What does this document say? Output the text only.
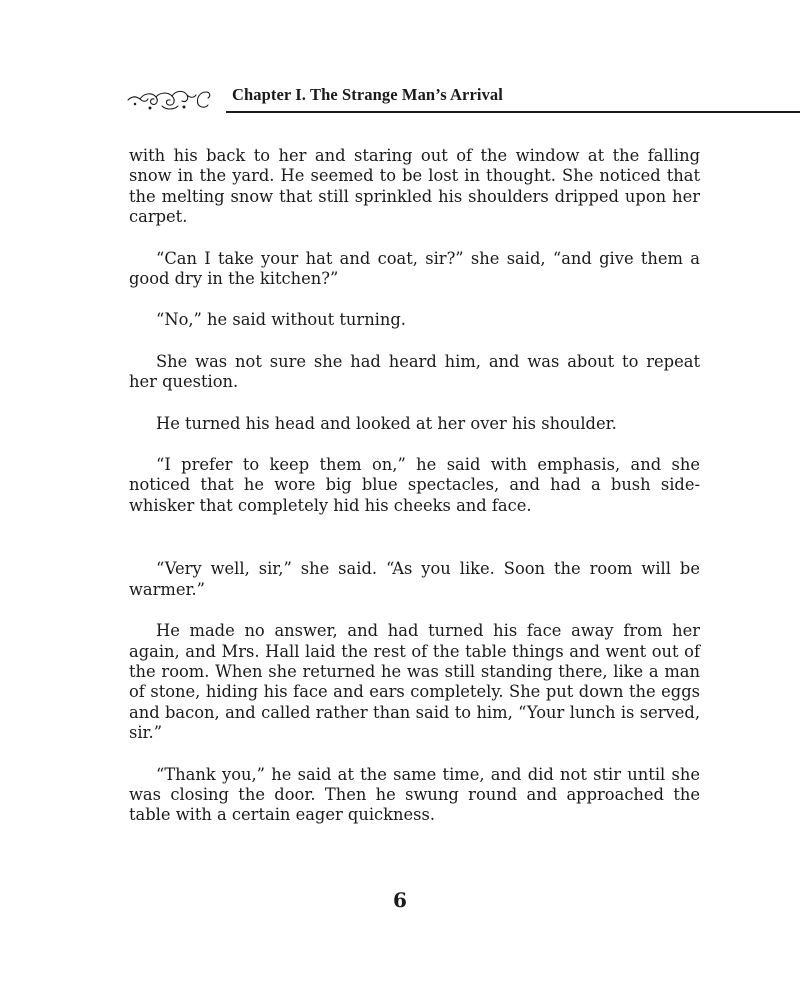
Chapter I. The Strange Man’s Arrival

with his back to her and staring out of the window at the falling snow in the yard. He seemed to be lost in thought. She noticed that the melting snow that still sprinkled his shoulders dripped upon her carpet.

“Can I take your hat and coat, sir?” she said, “and give them a good dry in the kitchen?”

“No,” he said without turning.

She was not sure she had heard him, and was about to repeat her question.

He turned his head and looked at her over his shoulder.

“I prefer to keep them on,” he said with emphasis, and she noticed that he wore big blue spectacles, and had a bush side-whisker that completely hid his cheeks and face.

“Very well, sir,” she said. “As you like. Soon the room will be warmer.”

He made no answer, and had turned his face away from her again, and Mrs. Hall laid the rest of the table things and went out of the room. When she returned he was still standing there, like a man of stone, hiding his face and ears completely. She put down the eggs and bacon, and called rather than said to him, “Your lunch is served, sir.”

“Thank you,” he said at the same time, and did not stir until she was closing the door. Then he swung round and approached the table with a certain eager quickness.

6
